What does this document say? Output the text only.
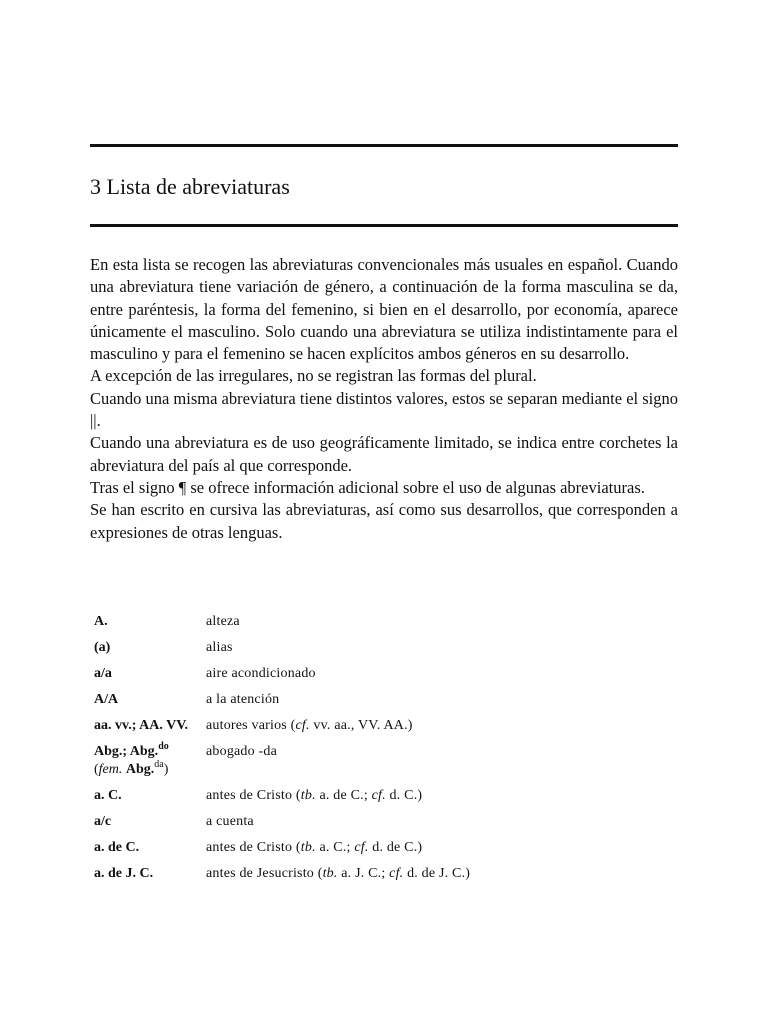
3 Lista de abreviaturas

En esta lista se recogen las abreviaturas convencionales más usuales en español. Cuando una abreviatura tiene variación de género, a continuación de la forma masculina se da, entre paréntesis, la forma del femenino, si bien en el desarrollo, por economía, aparece únicamente el masculino. Solo cuando una abreviatura se utiliza indistintamente para el masculino y para el femenino se hacen explícitos ambos géneros en su desarrollo.

A excepción de las irregulares, no se registran las formas del plural.

Cuando una misma abreviatura tiene distintos valores, estos se separan mediante el signo ||.

Cuando una abreviatura es de uso geográficamente limitado, se indica entre corchetes la abreviatura del país al que corresponde.

Tras el signo ¶ se ofrece información adicional sobre el uso de algunas abreviaturas.

Se han escrito en cursiva las abreviaturas, así como sus desarrollos, que corresponden a expresiones de otras lenguas.

A.	alteza
(a)	alias
a/a	aire acondicionado
A/A	a la atención
aa. vv.; AA. VV.	autores varios (cf. vv. aa., VV. AA.)
Abg.; Abg.$^{do}$
(fem. Abg.$^{da}$)	abogado -da
a. C.	antes de Cristo (tb. a. de C.; cf. d. C.)
a/c	a cuenta
a. de C.	antes de Cristo (tb. a. C.; cf. d. de C.)
a. de J. C.	antes de Jesucristo (tb. a. J. C.; cf. d. de J. C.)
